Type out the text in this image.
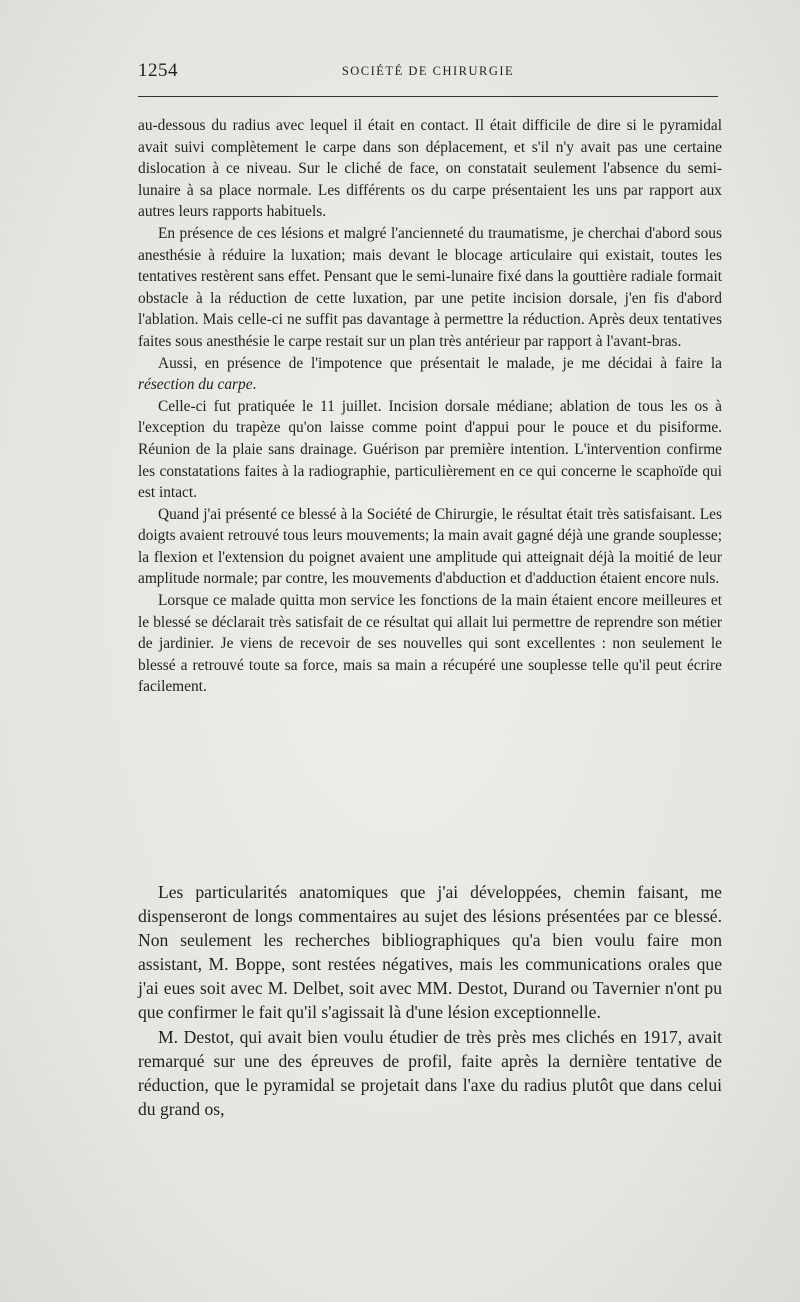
1254	SOCIÉTÉ DE CHIRURGIE

au-dessous du radius avec lequel il était en contact. Il était difficile de dire si le pyramidal avait suivi complètement le carpe dans son déplacement, et s'il n'y avait pas une certaine dislocation à ce niveau. Sur le cliché de face, on constatait seulement l'absence du semi-lunaire à sa place normale. Les différents os du carpe présentaient les uns par rapport aux autres leurs rapports habituels.

En présence de ces lésions et malgré l'ancienneté du traumatisme, je cherchai d'abord sous anesthésie à réduire la luxation; mais devant le blocage articulaire qui existait, toutes les tentatives restèrent sans effet. Pensant que le semi-lunaire fixé dans la gouttière radiale formait obstacle à la réduction de cette luxation, par une petite incision dorsale, j'en fis d'abord l'ablation. Mais celle-ci ne suffit pas davantage à permettre la réduction. Après deux tentatives faites sous anesthésie le carpe restait sur un plan très antérieur par rapport à l'avant-bras.

Aussi, en présence de l'impotence que présentait le malade, je me décidai à faire la résection du carpe.

Celle-ci fut pratiquée le 11 juillet. Incision dorsale médiane; ablation de tous les os à l'exception du trapèze qu'on laisse comme point d'appui pour le pouce et du pisiforme. Réunion de la plaie sans drainage. Guérison par première intention. L'intervention confirme les constatations faites à la radiographie, particulièrement en ce qui concerne le scaphoïde qui est intact.

Quand j'ai présenté ce blessé à la Société de Chirurgie, le résultat était très satisfaisant. Les doigts avaient retrouvé tous leurs mouvements; la main avait gagné déjà une grande souplesse; la flexion et l'extension du poignet avaient une amplitude qui atteignait déjà la moitié de leur amplitude normale; par contre, les mouvements d'abduction et d'adduction étaient encore nuls.

Lorsque ce malade quitta mon service les fonctions de la main étaient encore meilleures et le blessé se déclarait très satisfait de ce résultat qui allait lui permettre de reprendre son métier de jardinier. Je viens de recevoir de ses nouvelles qui sont excellentes : non seulement le blessé a retrouvé toute sa force, mais sa main a récupéré une souplesse telle qu'il peut écrire facilement.

Les particularités anatomiques que j'ai développées, chemin faisant, me dispenseront de longs commentaires au sujet des lésions présentées par ce blessé. Non seulement les recherches bibliographiques qu'a bien voulu faire mon assistant, M. Boppe, sont restées négatives, mais les communications orales que j'ai eues soit avec M. Delbet, soit avec MM. Destot, Durand ou Tavernier n'ont pu que confirmer le fait qu'il s'agissait là d'une lésion exceptionnelle.

M. Destot, qui avait bien voulu étudier de très près mes clichés en 1917, avait remarqué sur une des épreuves de profil, faite après la dernière tentative de réduction, que le pyramidal se projetait dans l'axe du radius plutôt que dans celui du grand os,
